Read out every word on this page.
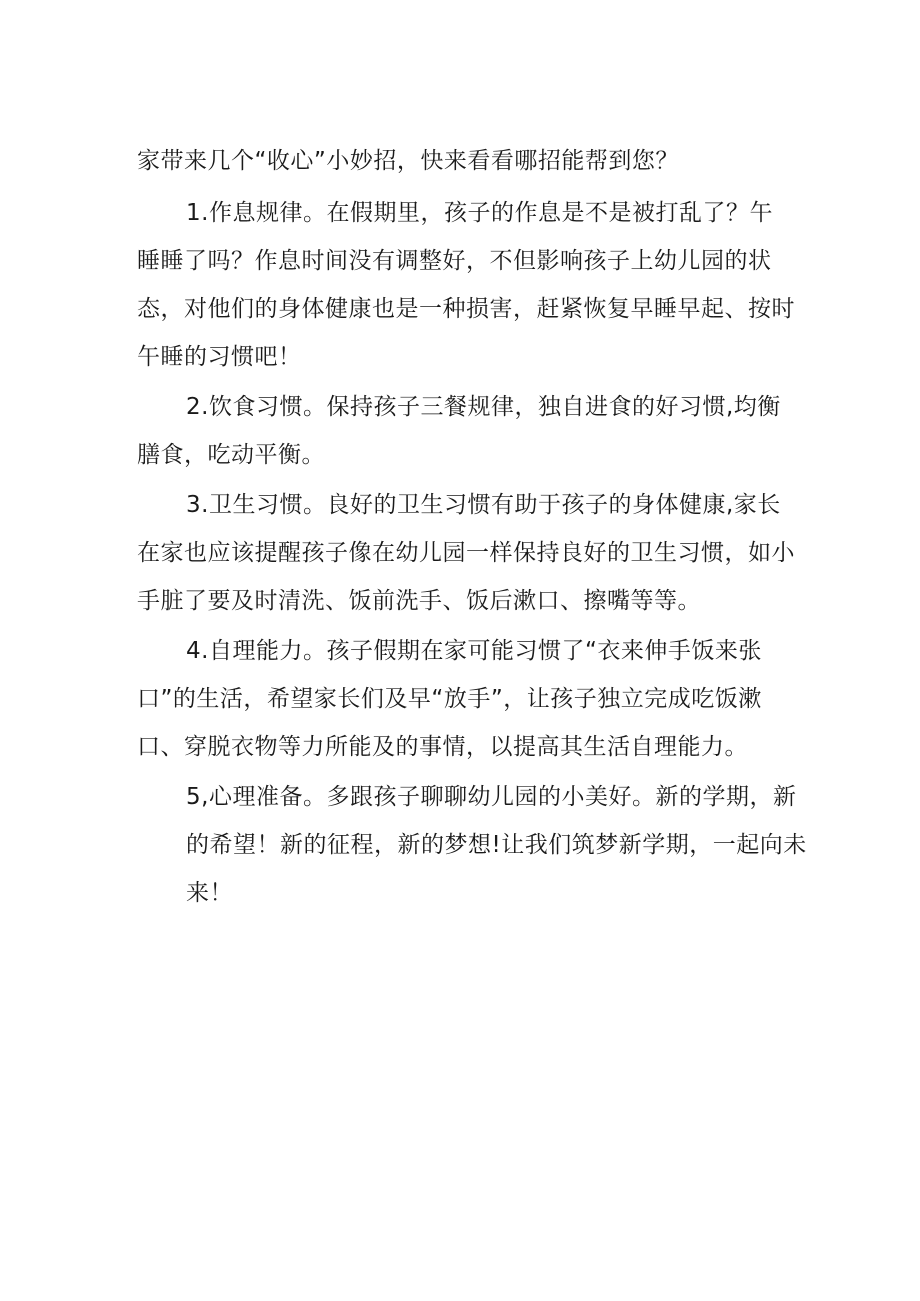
家带来几个“收心”小妙招，快来看看哪招能帮到您？
1.作息规律。在假期里，孩子的作息是不是被打乱了？午
睡睡了吗？作息时间没有调整好，不但影响孩子上幼儿园的状
态，对他们的身体健康也是一种损害，赶紧恢复早睡早起、按时
午睡的习惯吧！
2.饮食习惯。保持孩子三餐规律，独自进食的好习惯,均衡
膳食，吃动平衡。
3.卫生习惯。良好的卫生习惯有助于孩子的身体健康,家长
在家也应该提醒孩子像在幼儿园一样保持良好的卫生习惯，如小
手脏了要及时清洗、饭前洗手、饭后漱口、擦嘴等等。
4.自理能力。孩子假期在家可能习惯了“衣来伸手饭来张
口”的生活，希望家长们及早“放手”，让孩子独立完成吃饭漱
口、穿脱衣物等力所能及的事情，以提高其生活自理能力。
5,心理准备。多跟孩子聊聊幼儿园的小美好。新的学期，新
的希望！新的征程，新的梦想!让我们筑梦新学期，一起向未
来！
